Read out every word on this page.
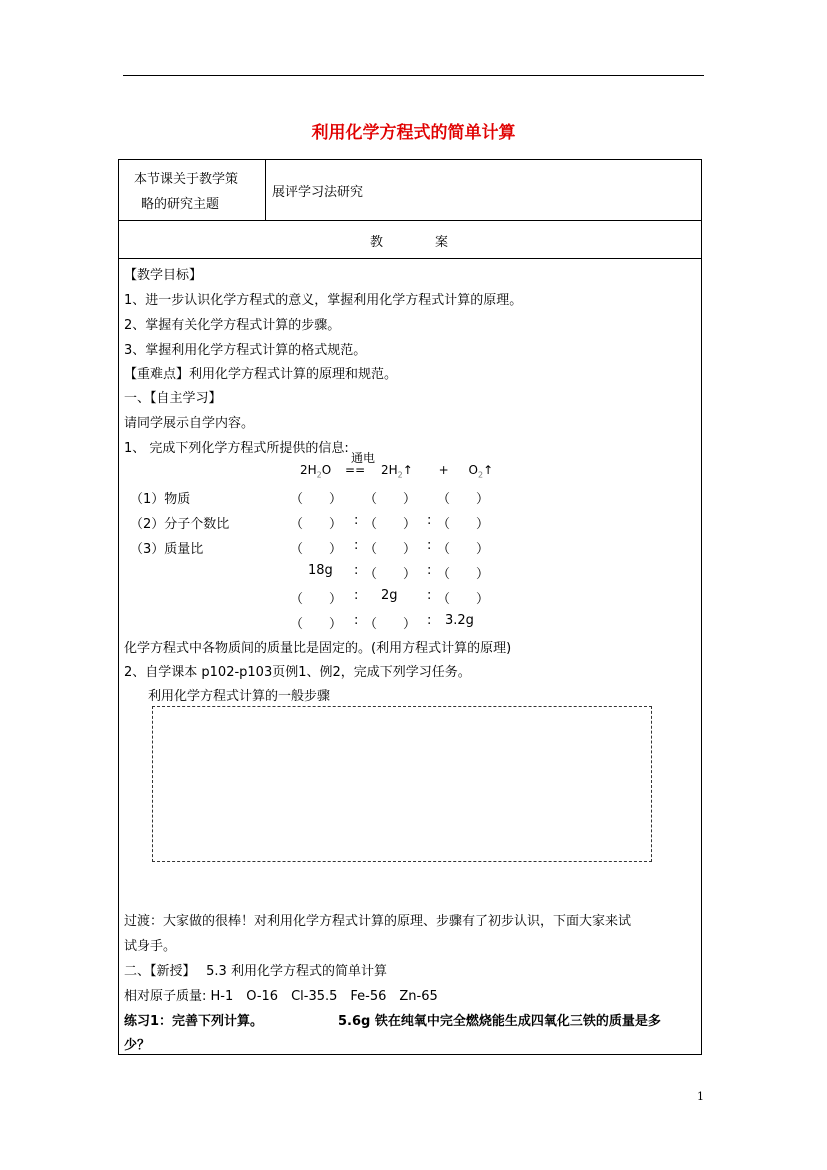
利用化学方程式的简单计算
本节课关于教学策
略的研究主题
展评学习法研究
教	案
【教学目标】
1、进一步认识化学方程式的意义，掌握利用化学方程式计算的原理。
2、掌握有关化学方程式计算的步骤。
3、掌握利用化学方程式计算的格式规范。
【重难点】利用化学方程式计算的原理和规范。
一、【自主学习】
请同学展示自学内容。
1、 完成下列化学方程式所提供的信息:
通电
$2H_2O$ == $2H_2↑$ + $O_2↑$
（1）物质	（　　） （　　） （　　）
（2）分子个数比	（　　） : （　　） : （　　）
（3）质量比	（　　） : （　　） : （　　）
18g : （　　） : （　　）
（　　） : 2g : （　　）
（　　） : （　　） : 3.2g
化学方程式中各物质间的质量比是固定的。(利用方程式计算的原理)
2、自学课本 p102-p103页例1、例2，完成下列学习任务。
利用化学方程式计算的一般步骤
过渡：大家做的很棒！对利用化学方程式计算的原理、步骤有了初步认识，下面大家来试
试身手。
二、【新授】　 5.3 利用化学方程式的简单计算
相对原子质量: H-1　O-16　Cl-35.5　Fe-56　Zn-65
练习1：完善下列计算。	5.6g 铁在纯氧中完全燃烧能生成四氧化三铁的质量是多
少？
1
